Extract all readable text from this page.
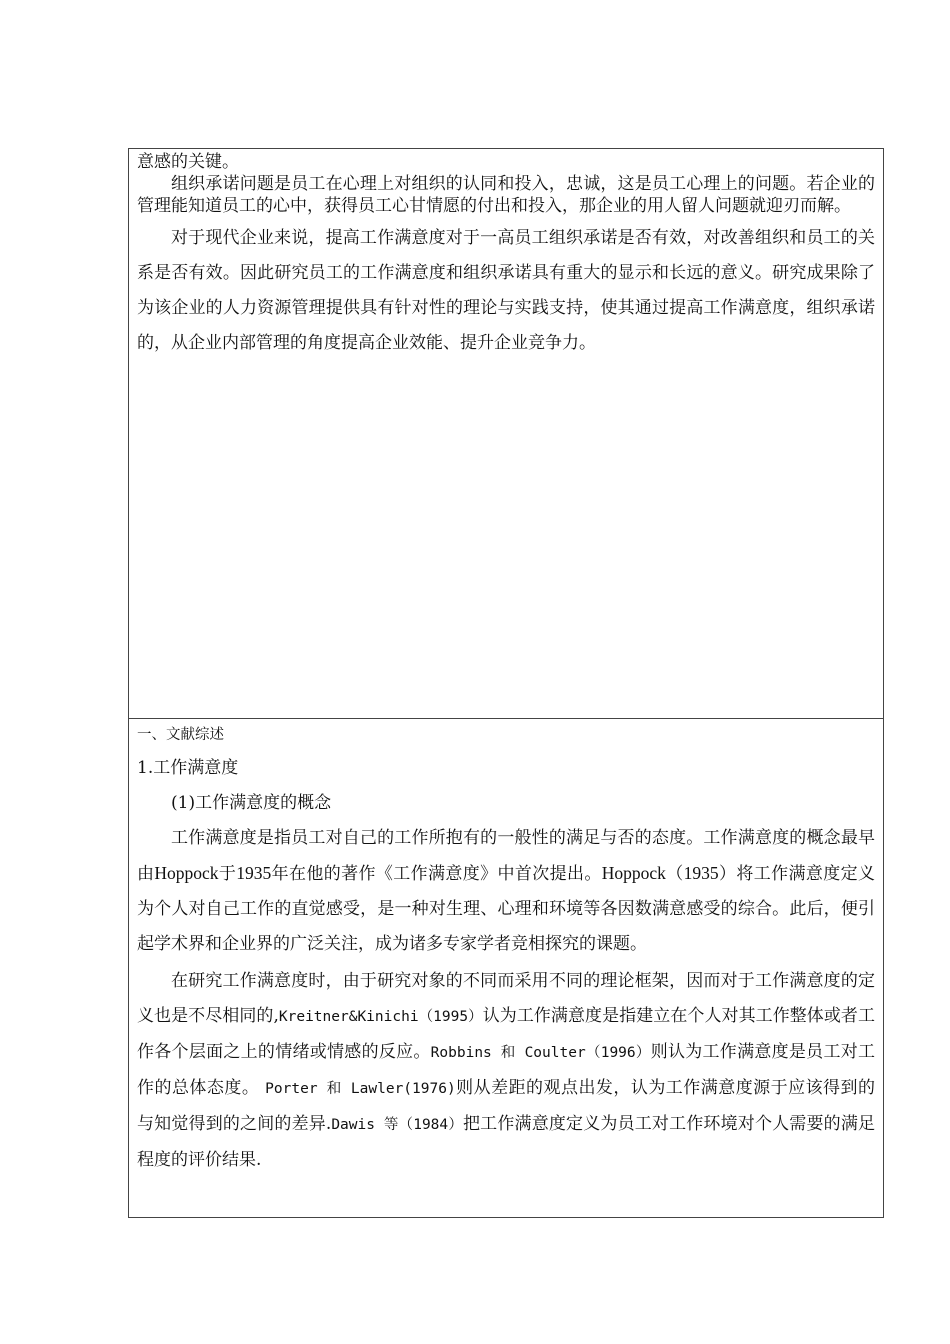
意感的关键。

组织承诺问题是员工在心理上对组织的认同和投入，忠诚，这是员工心理上的问题。若企业的管理能知道员工的心中，获得员工心甘情愿的付出和投入，那企业的用人留人问题就迎刃而解。

对于现代企业来说，提高工作满意度对于一高员工组织承诺是否有效，对改善组织和员工的关系是否有效。因此研究员工的工作满意度和组织承诺具有重大的显示和长远的意义。研究成果除了为该企业的人力资源管理提供具有针对性的理论与实践支持，使其通过提高工作满意度，组织承诺的，从企业内部管理的角度提高企业效能、提升企业竞争力。

一、文献综述

1.工作满意度

(1)工作满意度的概念

工作满意度是指员工对自己的工作所抱有的一般性的满足与否的态度。工作满意度的概念最早由Hoppock于1935年在他的著作《工作满意度》中首次提出。Hoppock（1935）将工作满意度定义为个人对自己工作的直觉感受，是一种对生理、心理和环境等各因数满意感受的综合。此后，便引起学术界和企业界的广泛关注，成为诸多专家学者竞相探究的课题。

在研究工作满意度时，由于研究对象的不同而采用不同的理论框架，因而对于工作满意度的定义也是不尽相同的,Kreitner&Kinichi（1995）认为工作满意度是指建立在个人对其工作整体或者工作各个层面之上的情绪或情感的反应。Robbins 和 Coulter（1996）则认为工作满意度是员工对工作的总体态度。 Porter 和 Lawler(1976)则从差距的观点出发，认为工作满意度源于应该得到的与知觉得到的之间的差异.Dawis 等（1984）把工作满意度定义为员工对工作环境对个人需要的满足程度的评价结果.
